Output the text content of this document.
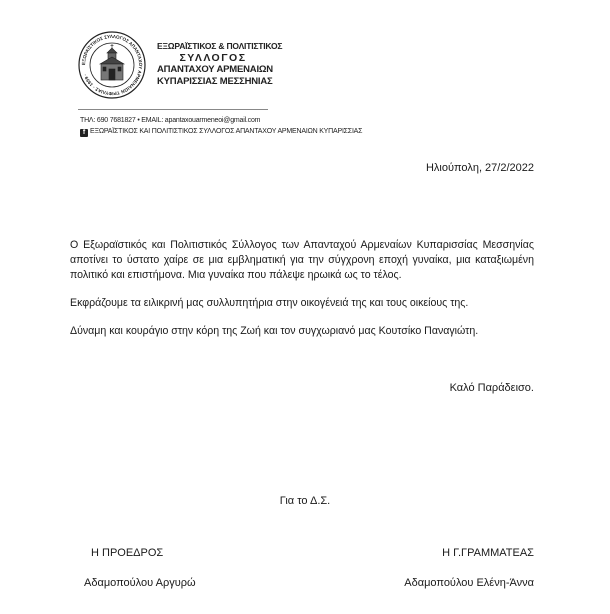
ΕΞΩΡΑΪΣΤΙΚΟΣ ΣΥΛΛΟΓΟΣ ΑΠΑΝΤΑΧΟΥ ΑΡΜΕΝΑΙΩΝ ΤΡΙΦΥΛΙΑΣ · 1959 ·
ΕΞΩΡΑΪΣΤΙΚΟΣ & ΠΟΛΙΤΙΣΤΙΚΟΣ
ΣΥΛΛΟΓΟΣ
ΑΠΑΝΤΑΧΟΥ ΑΡΜΕΝΑΙΩΝ
ΚΥΠΑΡΙΣΣΙΑΣ ΜΕΣΣΗΝΙΑΣ
ΤΗΛ: 690 7681827 • EMAIL: apantaxouarmeneoi@gmail.com
f ΕΞΩΡΑΪΣΤΙΚΟΣ ΚΑΙ ΠΟΛΙΤΙΣΤΙΚΟΣ ΣΥΛΛΟΓΟΣ ΑΠΑΝΤΑΧΟΥ ΑΡΜΕΝΑΙΩΝ ΚΥΠΑΡΙΣΣΙΑΣ
Ηλιούπολη, 27/2/2022

Ο Εξωραϊστικός και Πολιτιστικός Σύλλογος των Απανταχού Αρμεναίων Κυπαρισσίας Μεσσηνίας αποτίνει το ύστατο χαίρε σε μια εμβληματική για την σύγχρονη εποχή γυναίκα, μια καταξιωμένη πολιτικό και επιστήμονα. Μια γυναίκα που πάλεψε ηρωικά ως το τέλος.

Εκφράζουμε τα ειλικρινή μας συλλυπητήρια στην οικογένειά της και τους οικείους της.

Δύναμη και κουράγιο στην κόρη της Ζωή και τον συγχωριανό μας Κουτσίκο Παναγιώτη.

Καλό Παράδεισο.
Για το Δ.Σ.
Η ΠΡΟΕΔΡΟΣ
Αδαμοπούλου Αργυρώ
Η Γ.ΓΡΑΜΜΑΤΕΑΣ
Αδαμοπούλου Ελένη-Άννα
